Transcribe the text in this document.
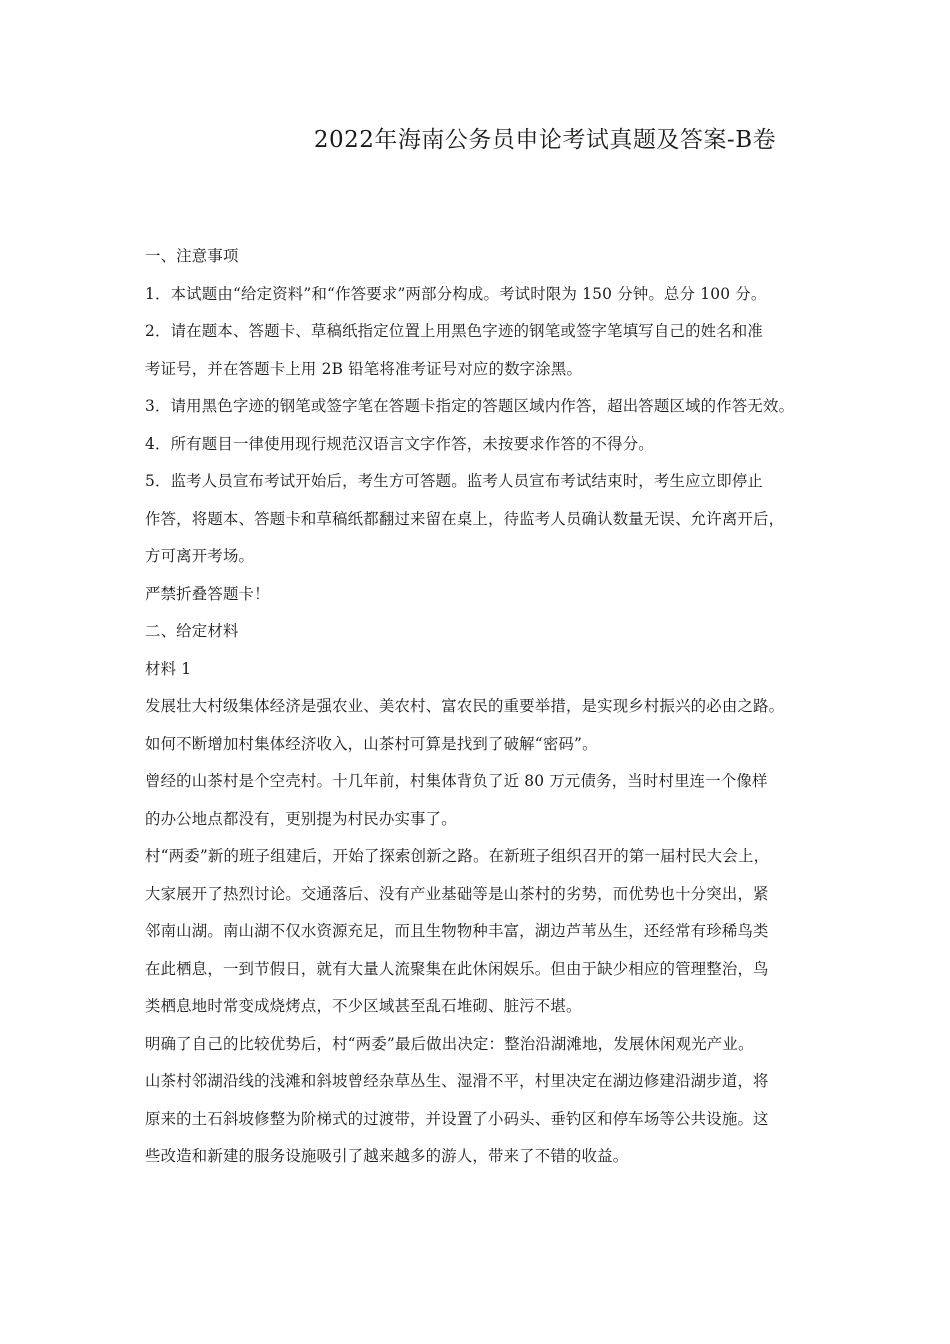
2022年海南公务员申论考试真题及答案-B卷
一、注意事项
1．本试题由“给定资料”和“作答要求”两部分构成。考试时限为 150 分钟。总分 100 分。
2．请在题本、答题卡、草稿纸指定位置上用黑色字迹的钢笔或签字笔填写自己的姓名和准
考证号，并在答题卡上用 2B 铅笔将准考证号对应的数字涂黑。
3．请用黑色字迹的钢笔或签字笔在答题卡指定的答题区域内作答，超出答题区域的作答无效。
4．所有题目一律使用现行规范汉语言文字作答，未按要求作答的不得分。
5．监考人员宣布考试开始后，考生方可答题。监考人员宣布考试结束时，考生应立即停止
作答，将题本、答题卡和草稿纸都翻过来留在桌上，待监考人员确认数量无误、允许离开后，
方可离开考场。
严禁折叠答题卡！
二、给定材料
材料 1
发展壮大村级集体经济是强农业、美农村、富农民的重要举措，是实现乡村振兴的必由之路。
如何不断增加村集体经济收入，山茶村可算是找到了破解“密码”。
曾经的山茶村是个空壳村。十几年前，村集体背负了近 80 万元债务，当时村里连一个像样
的办公地点都没有，更别提为村民办实事了。
村“两委”新的班子组建后，开始了探索创新之路。在新班子组织召开的第一届村民大会上，
大家展开了热烈讨论。交通落后、没有产业基础等是山茶村的劣势，而优势也十分突出，紧
邻南山湖。南山湖不仅水资源充足，而且生物物种丰富，湖边芦苇丛生，还经常有珍稀鸟类
在此栖息，一到节假日，就有大量人流聚集在此休闲娱乐。但由于缺少相应的管理整治，鸟
类栖息地时常变成烧烤点，不少区域甚至乱石堆砌、脏污不堪。
明确了自己的比较优势后，村“两委”最后做出决定：整治沿湖滩地，发展休闲观光产业。
山茶村邻湖沿线的浅滩和斜坡曾经杂草丛生、湿滑不平，村里决定在湖边修建沿湖步道，将
原来的土石斜坡修整为阶梯式的过渡带，并设置了小码头、垂钓区和停车场等公共设施。这
些改造和新建的服务设施吸引了越来越多的游人，带来了不错的收益。
